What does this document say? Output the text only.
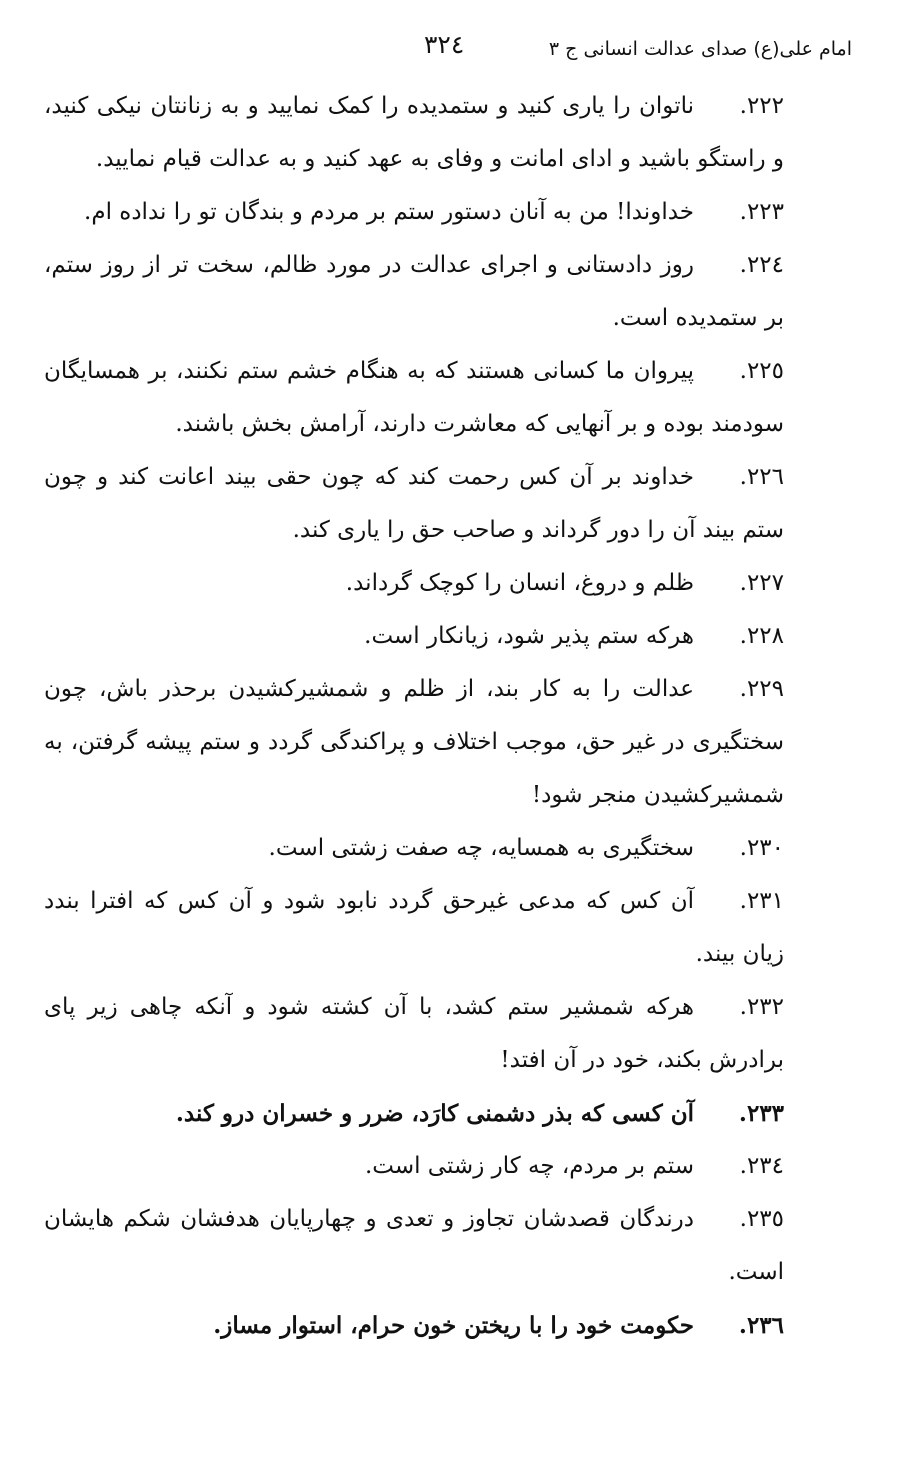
امام علی(ع) صدای عدالت انسانی ج ۳
۳۲٤

٢٢٢.ناتوان را یاری کنید و ستمدیده را کمک نمایید و به زنانتان نیکی کنید، و راستگو باشید و ادای امانت و وفای به عهد کنید و به عدالت قیام نمایید.

٢٢٣.خداوندا! من به آنان دستور ستم بر مردم و بندگان تو را نداده ام.

٢٢٤.روز دادستانی و اجرای عدالت در مورد ظالم، سخت تر از روز ستم، بر ستمدیده است.

٢٢٥.پیروان ما کسانی هستند که به هنگام خشم ستم نکنند، بر همسایگان سودمند بوده و بر آنهایی که معاشرت دارند، آرامش بخش باشند.

٢٢٦.خداوند بر آن کس رحمت کند که چون حقی بیند اعانت کند و چون ستم بیند آن را دور گرداند و صاحب حق را یاری کند.

٢٢٧.ظلم و دروغ، انسان را کوچک گرداند.

٢٢٨.هرکه ستم پذیر شود، زیانکار است.

٢٢٩.عدالت را به کار بند، از ظلم و شمشیرکشیدن برحذر باش، چون سختگیری در غیر حق، موجب اختلاف و پراکندگی گردد و ستم پیشه گرفتن، به شمشیرکشیدن منجر شود!

٢٣٠.سختگیری به همسایه، چه صفت زشتی است.

٢٣١.آن کس که مدعی غیرحق گردد نابود شود و آن کس که افترا بندد زیان بیند.

٢٣٢.هرکه شمشیر ستم کشد، با آن کشته شود و آنکه چاهی زیر پای برادرش بکند، خود در آن افتد!

٢٣٣.آن کسی که بذر دشمنی کارَد، ضرر و خسران درو کند.

٢٣٤.ستم بر مردم، چه کار زشتی است.

٢٣٥.درندگان قصدشان تجاوز و تعدی و چهارپایان هدفشان شکم هایشان است.

٢٣٦.حکومت خود را با ریختن خون حرام، استوار مساز.
